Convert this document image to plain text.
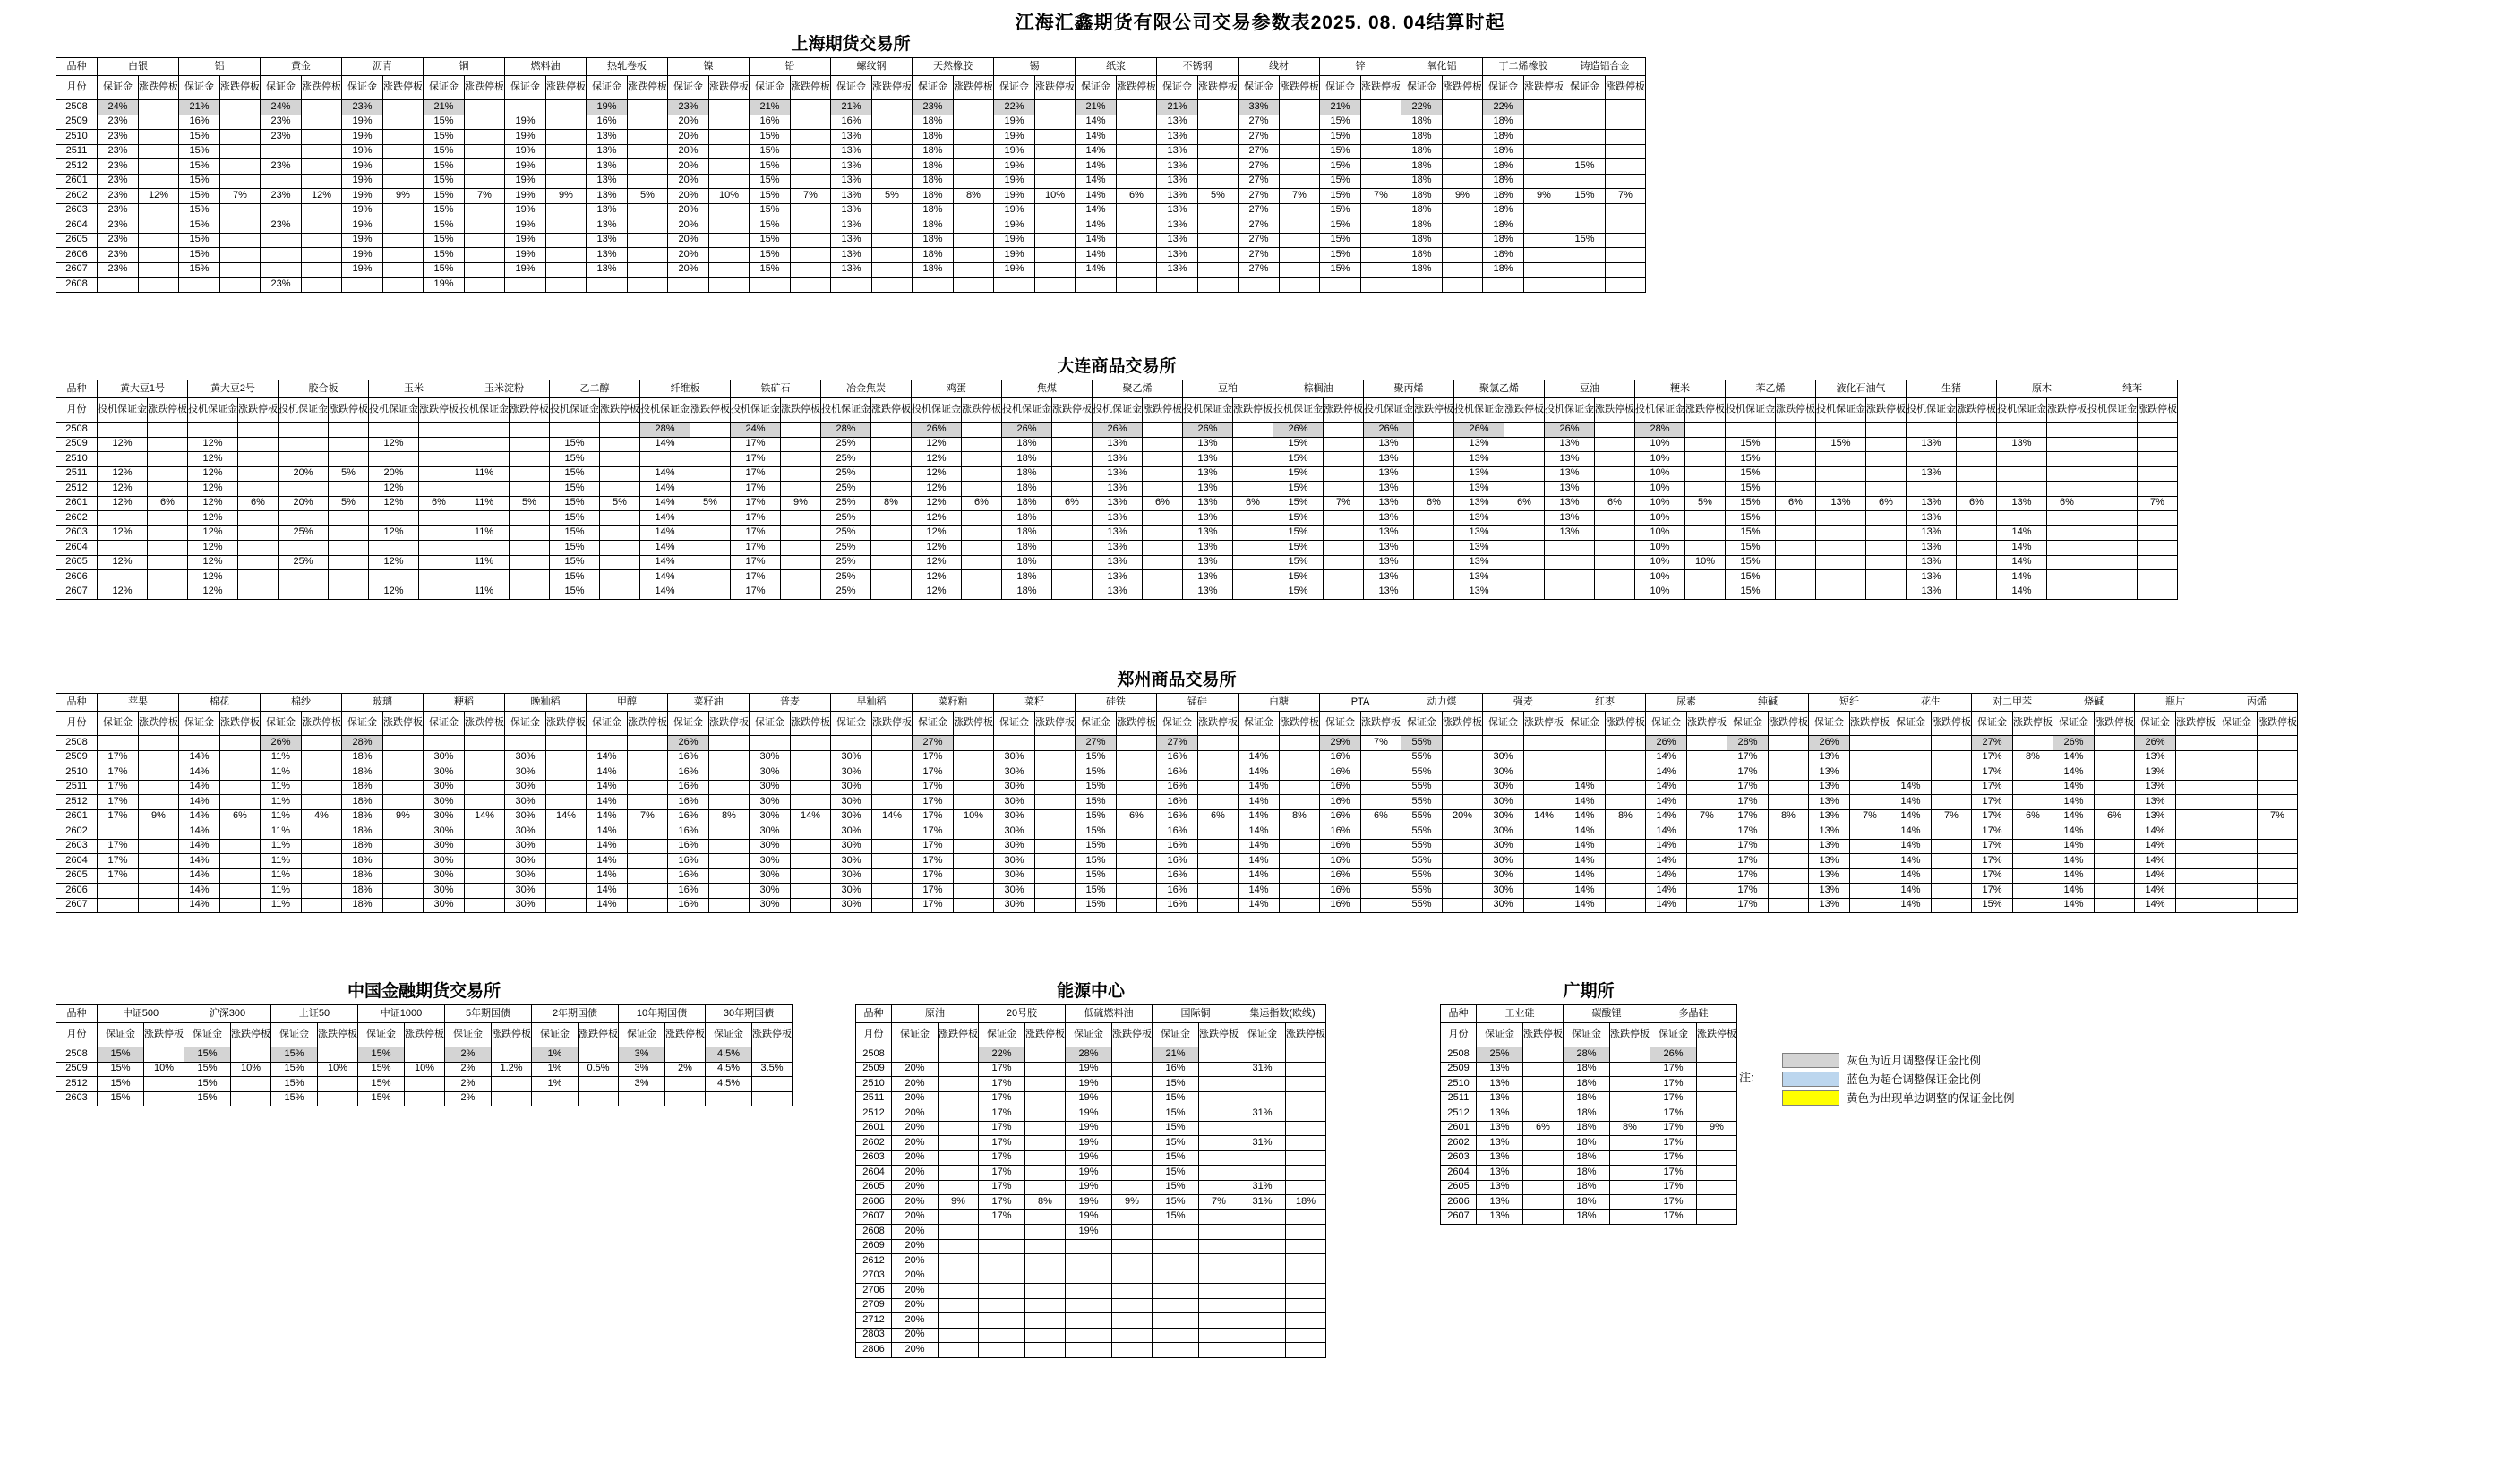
江海汇鑫期货有限公司交易参数表2025. 08. 04结算时起
上海期货交易所
品种	白银		铝		黄金		沥青		铜		燃料油		热轧卷板		镍		铅		螺纹钢		天然橡胶		锡		纸浆		不锈钢		线材		锌		氧化铝		丁二烯橡胶		铸造铝合金	
月份	保证金	涨跌停板	保证金	涨跌停板	保证金	涨跌停板	保证金	涨跌停板	保证金	涨跌停板	保证金	涨跌停板	保证金	涨跌停板	保证金	涨跌停板	保证金	涨跌停板	保证金	涨跌停板	保证金	涨跌停板	保证金	涨跌停板	保证金	涨跌停板	保证金	涨跌停板	保证金	涨跌停板	保证金	涨跌停板	保证金	涨跌停板	保证金	涨跌停板	保证金	涨跌停板
2508	24%		21%		24%		23%		21%				19%		23%		21%		21%		23%		22%		21%		21%		33%		21%		22%		22%			
2509	23%		16%		23%		19%		15%		19%		16%		20%		16%		16%		18%		19%		14%		13%		27%		15%		18%		18%			
2510	23%		15%		23%		19%		15%		19%		13%		20%		15%		13%		18%		19%		14%		13%		27%		15%		18%		18%			
2511	23%		15%				19%		15%		19%		13%		20%		15%		13%		18%		19%		14%		13%		27%		15%		18%		18%			
2512	23%		15%		23%		19%		15%		19%		13%		20%		15%		13%		18%		19%		14%		13%		27%		15%		18%		18%		15%	
2601	23%		15%				19%		15%		19%		13%		20%		15%		13%		18%		19%		14%		13%		27%		15%		18%		18%			
2602	23%	12%	15%	7%	23%	12%	19%	9%	15%	7%	19%	9%	13%	5%	20%	10%	15%	7%	13%	5%	18%	8%	19%	10%	14%	6%	13%	5%	27%	7%	15%	7%	18%	9%	18%	9%	15%	7%
2603	23%		15%				19%		15%		19%		13%		20%		15%		13%		18%		19%		14%		13%		27%		15%		18%		18%			
2604	23%		15%		23%		19%		15%		19%		13%		20%		15%		13%		18%		19%		14%		13%		27%		15%		18%		18%			
2605	23%		15%				19%		15%		19%		13%		20%		15%		13%		18%		19%		14%		13%		27%		15%		18%		18%		15%	
2606	23%		15%				19%		15%		19%		13%		20%		15%		13%		18%		19%		14%		13%		27%		15%		18%		18%			
2607	23%		15%				19%		15%		19%		13%		20%		15%		13%		18%		19%		14%		13%		27%		15%		18%		18%			
2608					23%				19%																													
大连商品交易所
品种	黄大豆1号		黄大豆2号		胶合板		玉米		玉米淀粉		乙二醇		纤维板		铁矿石		冶金焦炭		鸡蛋		焦煤		聚乙烯		豆粕		棕榈油		聚丙烯		聚氯乙烯		豆油		粳米		苯乙烯		液化石油气		生猪		原木		纯苯	
月份	投机保证金	涨跌停板	投机保证金	涨跌停板	投机保证金	涨跌停板	投机保证金	涨跌停板	投机保证金	涨跌停板	投机保证金	涨跌停板	投机保证金	涨跌停板	投机保证金	涨跌停板	投机保证金	涨跌停板	投机保证金	涨跌停板	投机保证金	涨跌停板	投机保证金	涨跌停板	投机保证金	涨跌停板	投机保证金	涨跌停板	投机保证金	涨跌停板	投机保证金	涨跌停板	投机保证金	涨跌停板	投机保证金	涨跌停板	投机保证金	涨跌停板	投机保证金	涨跌停板	投机保证金	涨跌停板	投机保证金	涨跌停板	投机保证金	涨跌停板
2508													28%		24%		28%		26%		26%		26%		26%		26%		26%		26%		26%		28%											
2509	12%		12%				12%				15%		14%		17%		25%		12%		18%		13%		13%		15%		13%		13%		13%		10%		15%		15%		13%		13%			
2510			12%								15%				17%		25%		12%		18%		13%		13%		15%		13%		13%		13%		10%		15%									
2511	12%		12%		20%	5%	20%		11%		15%		14%		17%		25%		12%		18%		13%		13%		15%		13%		13%		13%		10%		15%				13%					
2512	12%		12%				12%				15%		14%		17%		25%		12%		18%		13%		13%		15%		13%		13%		13%		10%		15%									
2601	12%	6%	12%	6%	20%	5%	12%	6%	11%	5%	15%	5%	14%	5%	17%	9%	25%	8%	12%	6%	18%	6%	13%	6%	13%	6%	15%	7%	13%	6%	13%	6%	13%	6%	10%	5%	15%	6%	13%	6%	13%	6%	13%	6%		7%
2602			12%								15%		14%		17%		25%		12%		18%		13%		13%		15%		13%		13%		13%		10%		15%				13%					
2603	12%		12%		25%		12%		11%		15%		14%		17%		25%		12%		18%		13%		13%		15%		13%		13%		13%		10%		15%				13%		14%			
2604			12%								15%		14%		17%		25%		12%		18%		13%		13%		15%		13%		13%				10%		15%				13%		14%			
2605	12%		12%		25%		12%		11%		15%		14%		17%		25%		12%		18%		13%		13%		15%		13%		13%				10%	10%	15%				13%		14%			
2606			12%								15%		14%		17%		25%		12%		18%		13%		13%		15%		13%		13%				10%		15%				13%		14%			
2607	12%		12%				12%		11%		15%		14%		17%		25%		12%		18%		13%		13%		15%		13%		13%				10%		15%				13%		14%			
郑州商品交易所
品种	苹果		棉花		棉纱		玻璃		粳稻		晚籼稻		甲醇		菜籽油		普麦		早籼稻		菜籽粕		菜籽		硅铁		锰硅		白糖		PTA		动力煤		强麦		红枣		尿素		纯碱		短纤		花生		对二甲苯		烧碱		瓶片		丙烯	
月份	保证金	涨跌停板	保证金	涨跌停板	保证金	涨跌停板	保证金	涨跌停板	保证金	涨跌停板	保证金	涨跌停板	保证金	涨跌停板	保证金	涨跌停板	保证金	涨跌停板	保证金	涨跌停板	保证金	涨跌停板	保证金	涨跌停板	保证金	涨跌停板	保证金	涨跌停板	保证金	涨跌停板	保证金	涨跌停板	保证金	涨跌停板	保证金	涨跌停板	保证金	涨跌停板	保证金	涨跌停板	保证金	涨跌停板	保证金	涨跌停板	保证金	涨跌停板	保证金	涨跌停板	保证金	涨跌停板	保证金	涨跌停板	保证金	涨跌停板
2508					26%		28%								26%						27%				27%		27%				29%	7%	55%						26%		28%		26%				27%		26%		26%			
2509	17%		14%		11%		18%		30%		30%		14%		16%		30%		30%		17%		30%		15%		16%		14%		16%		55%		30%				14%		17%		13%				17%	8%	14%		13%			
2510	17%		14%		11%		18%		30%		30%		14%		16%		30%		30%		17%		30%		15%		16%		14%		16%		55%		30%				14%		17%		13%				17%		14%		13%			
2511	17%		14%		11%		18%		30%		30%		14%		16%		30%		30%		17%		30%		15%		16%		14%		16%		55%		30%		14%		14%		17%		13%		14%		17%		14%		13%			
2512	17%		14%		11%		18%		30%		30%		14%		16%		30%		30%		17%		30%		15%		16%		14%		16%		55%		30%		14%		14%		17%		13%		14%		17%		14%		13%			
2601	17%	9%	14%	6%	11%	4%	18%	9%	30%	14%	30%	14%	14%	7%	16%	8%	30%	14%	30%	14%	17%	10%	30%		15%	6%	16%	6%	14%	8%	16%	6%	55%	20%	30%	14%	14%	8%	14%	7%	17%	8%	13%	7%	14%	7%	17%	6%	14%	6%	13%			7%
2602			14%		11%		18%		30%		30%		14%		16%		30%		30%		17%		30%		15%		16%		14%		16%		55%		30%		14%		14%		17%		13%		14%		17%		14%		14%			
2603	17%		14%		11%		18%		30%		30%		14%		16%		30%		30%		17%		30%		15%		16%		14%		16%		55%		30%		14%		14%		17%		13%		14%		17%		14%		14%			
2604	17%		14%		11%		18%		30%		30%		14%		16%		30%		30%		17%		30%		15%		16%		14%		16%		55%		30%		14%		14%		17%		13%		14%		17%		14%		14%			
2605	17%		14%		11%		18%		30%		30%		14%		16%		30%		30%		17%		30%		15%		16%		14%		16%		55%		30%		14%		14%		17%		13%		14%		17%		14%		14%			
2606			14%		11%		18%		30%		30%		14%		16%		30%		30%		17%		30%		15%		16%		14%		16%		55%		30%		14%		14%		17%		13%		14%		17%		14%		14%			
2607			14%		11%		18%		30%		30%		14%		16%		30%		30%		17%		30%		15%		16%		14%		16%		55%		30%		14%		14%		17%		13%		14%		15%		14%		14%			
中国金融期货交易所
品种	中证500		沪深300		上证50		中证1000		5年期国债		2年期国债		10年期国债		30年期国债	
月份	保证金	涨跌停板	保证金	涨跌停板	保证金	涨跌停板	保证金	涨跌停板	保证金	涨跌停板	保证金	涨跌停板	保证金	涨跌停板	保证金	涨跌停板
2508	15%		15%		15%		15%		2%		1%		3%		4.5%	
2509	15%	10%	15%	10%	15%	10%	15%	10%	2%	1.2%	1%	0.5%	3%	2%	4.5%	3.5%
2512	15%		15%		15%		15%		2%		1%		3%		4.5%	
2603	15%		15%		15%		15%		2%							
能源中心
品种	原油		20号胶		低硫燃料油		国际铜		集运指数(欧线)	
月份	保证金	涨跌停板	保证金	涨跌停板	保证金	涨跌停板	保证金	涨跌停板	保证金	涨跌停板
2508			22%		28%		21%			
2509	20%		17%		19%		16%		31%	
2510	20%		17%		19%		15%			
2511	20%		17%		19%		15%			
2512	20%		17%		19%		15%		31%	
2601	20%		17%		19%		15%			
2602	20%		17%		19%		15%		31%	
2603	20%		17%		19%		15%			
2604	20%		17%		19%		15%			
2605	20%		17%		19%		15%		31%	
2606	20%	9%	17%	8%	19%	9%	15%	7%	31%	18%
2607	20%		17%		19%		15%			
2608	20%				19%					
2609	20%									
2612	20%									
2703	20%									
2706	20%									
2709	20%									
2712	20%									
2803	20%									
2806	20%									
广期所
品种	工业硅		碳酸锂		多晶硅	
月份	保证金	涨跌停板	保证金	涨跌停板	保证金	涨跌停板
2508	25%		28%		26%	
2509	13%		18%		17%	
2510	13%		18%		17%	
2511	13%		18%		17%	
2512	13%		18%		17%	
2601	13%	6%	18%	8%	17%	9%
2602	13%		18%		17%	
2603	13%		18%		17%	
2604	13%		18%		17%	
2605	13%		18%		17%	
2606	13%		18%		17%	
2607	13%		18%		17%	
注:
灰色为近月调整保证金比例
蓝色为超仓调整保证金比例
黄色为出现单边调整的保证金比例
